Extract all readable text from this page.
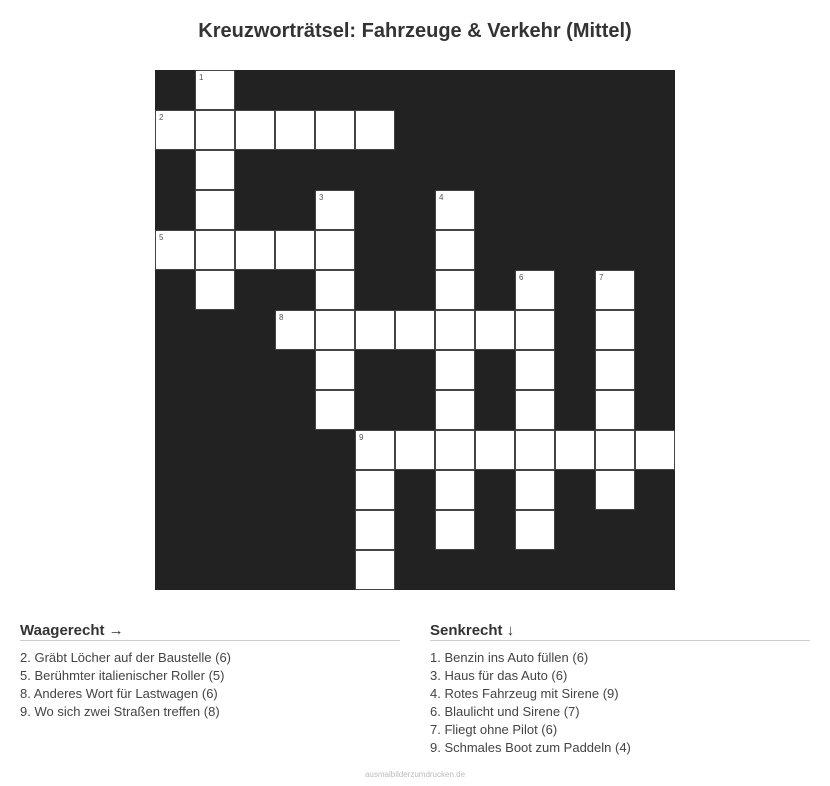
Kreuzworträtsel: Fahrzeuge & Verkehr (Mittel)
1
2
3	4
5
6	7
8
9
Waagerecht →
2. Gräbt Löcher auf der Baustelle (6)
5. Berühmter italienischer Roller (5)
8. Anderes Wort für Lastwagen (6)
9. Wo sich zwei Straßen treffen (8)
Senkrecht ↓
1. Benzin ins Auto füllen (6)
3. Haus für das Auto (6)
4. Rotes Fahrzeug mit Sirene (9)
6. Blaulicht und Sirene (7)
7. Fliegt ohne Pilot (6)
9. Schmales Boot zum Paddeln (4)
ausmalbilderzumdrucken.de
